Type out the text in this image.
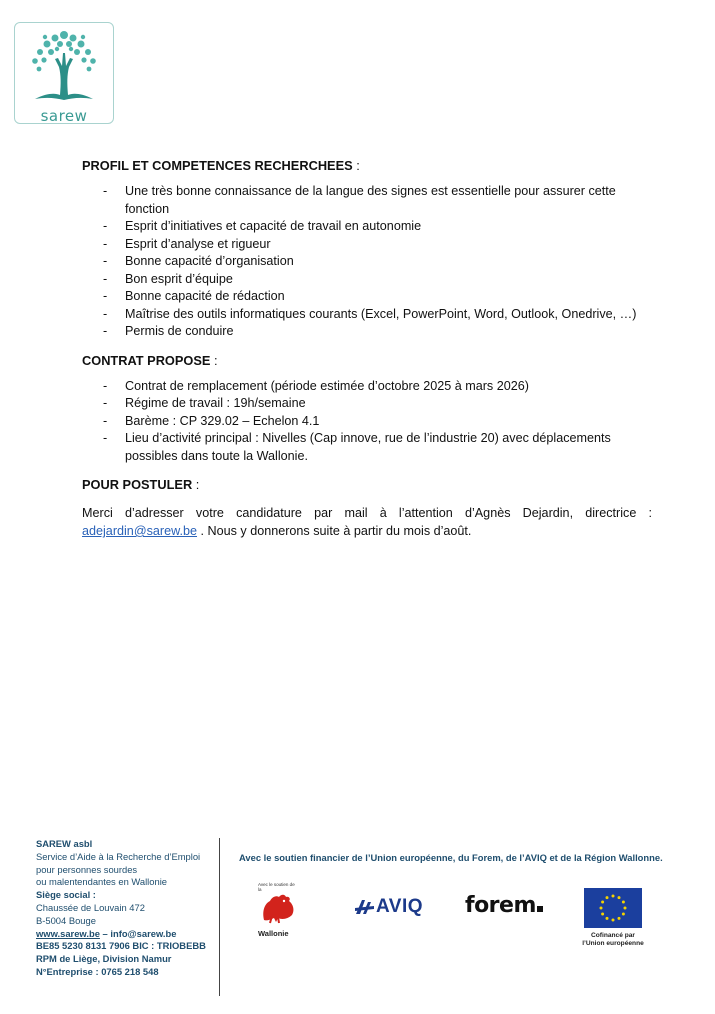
sarew
PROFIL ET COMPETENCES RECHERCHEES :
- Une très bonne connaissance de la langue des signes est essentielle pour assurer cette fonction
- Esprit d’initiatives et capacité de travail en autonomie
- Esprit d’analyse et rigueur
- Bonne capacité d’organisation
- Bon esprit d’équipe
- Bonne capacité de rédaction
- Maîtrise des outils informatiques courants (Excel, PowerPoint, Word, Outlook, Onedrive, …)
- Permis de conduire
CONTRAT PROPOSE :
- Contrat de remplacement (période estimée d’octobre 2025 à mars 2026)
- Régime de travail : 19h/semaine
- Barème : CP 329.02 – Echelon 4.1
- Lieu d’activité principal : Nivelles (Cap innove, rue de l’industrie 20) avec déplacements possibles dans toute la Wallonie.
POUR POSTULER :
Merci d’adresser votre candidature par mail à l’attention d’Agnès Dejardin, directrice : adejardin@sarew.be . Nous y donnerons suite à partir du mois d’août.
SAREW asbl
Service d’Aide à la Recherche d’Emploi
pour personnes sourdes
ou malentendantes en Wallonie
Siège social :
Chaussée de Louvain 472
B-5004 Bouge
www.sarew.be – info@sarew.be
BE85 5230 8131 7906 BIC : TRIOBEBB
RPM de Liège, Division Namur
N°Entreprise : 0765 218 548
Avec le soutien financier de l’Union européenne, du Forem, de l’AVIQ et de la Région Wallonne.
Avec le soutien de la
Wallonie
AVIQ forem
Cofinancé par
l’Union européenne
